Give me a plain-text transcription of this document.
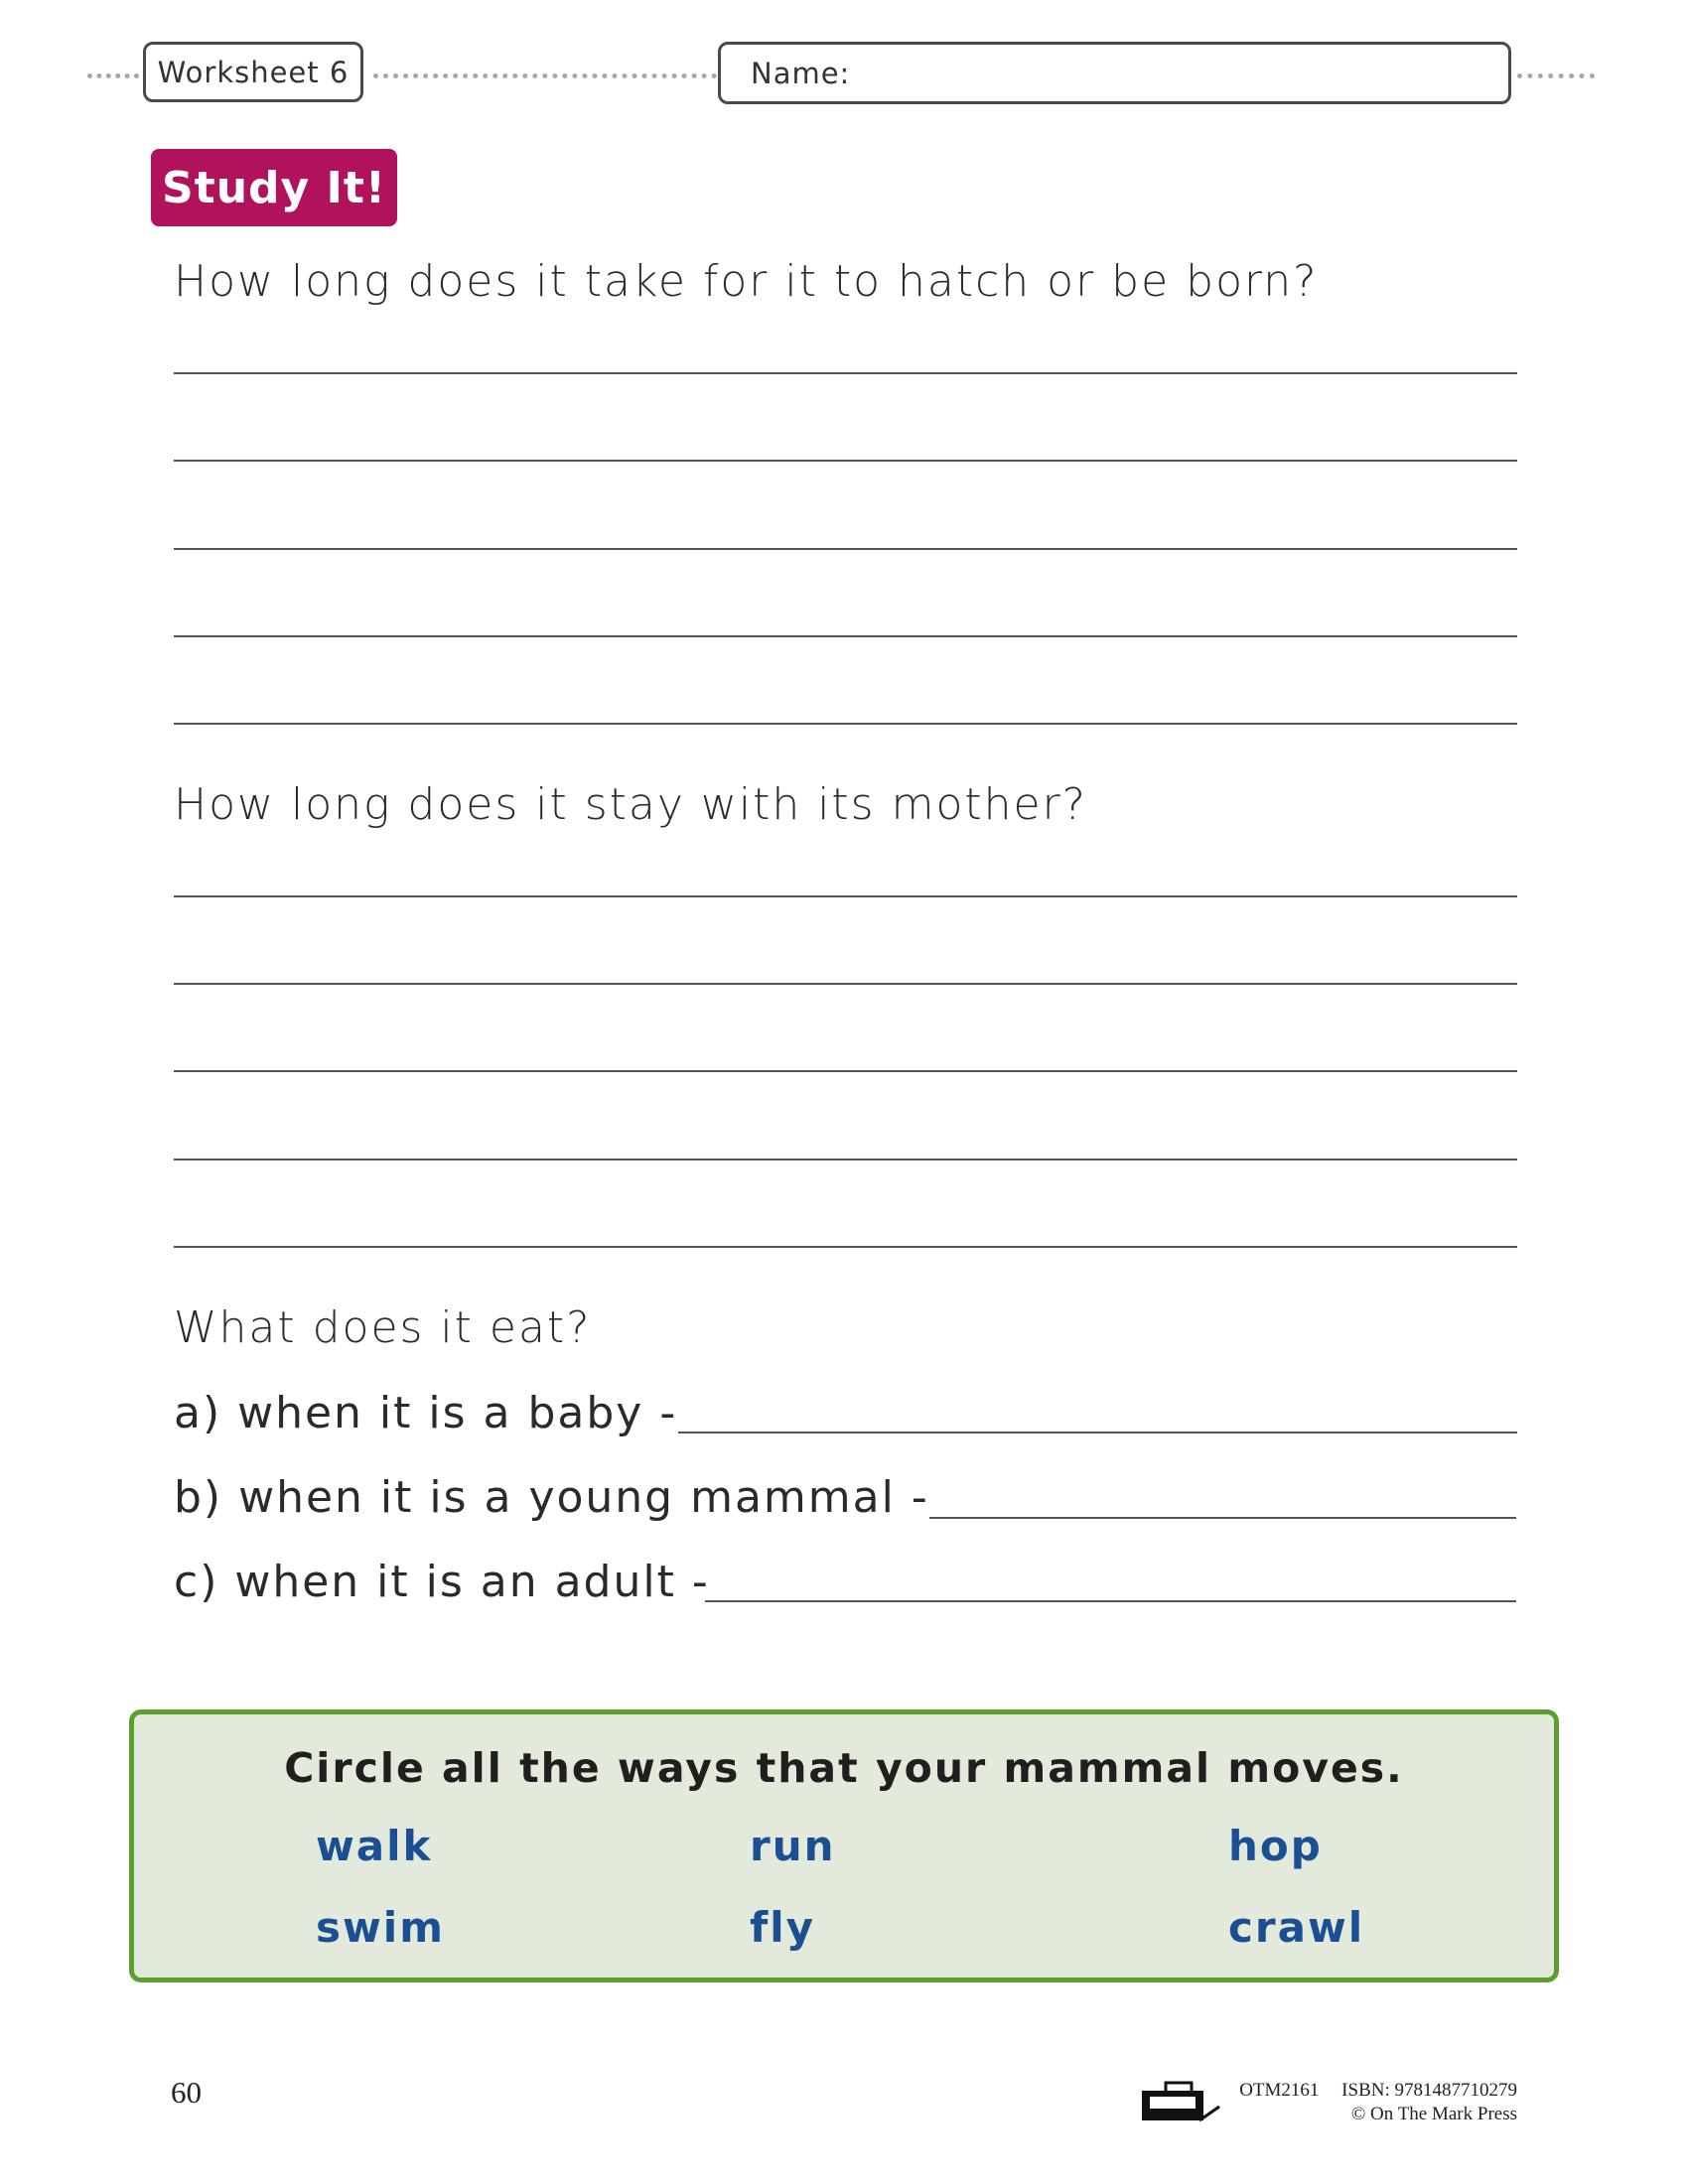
Worksheet 6	Name:
Study It!
How long does it take for it to hatch or be born?
How long does it stay with its mother?
What does it eat?
a) when it is a baby -
b) when it is a young mammal -
c) when it is an adult -
Circle all the ways that your mammal moves.
walk	run	hop
swim	fly	crawl
60	OTM2161 ISBN: 9781487710279
© On The Mark Press
